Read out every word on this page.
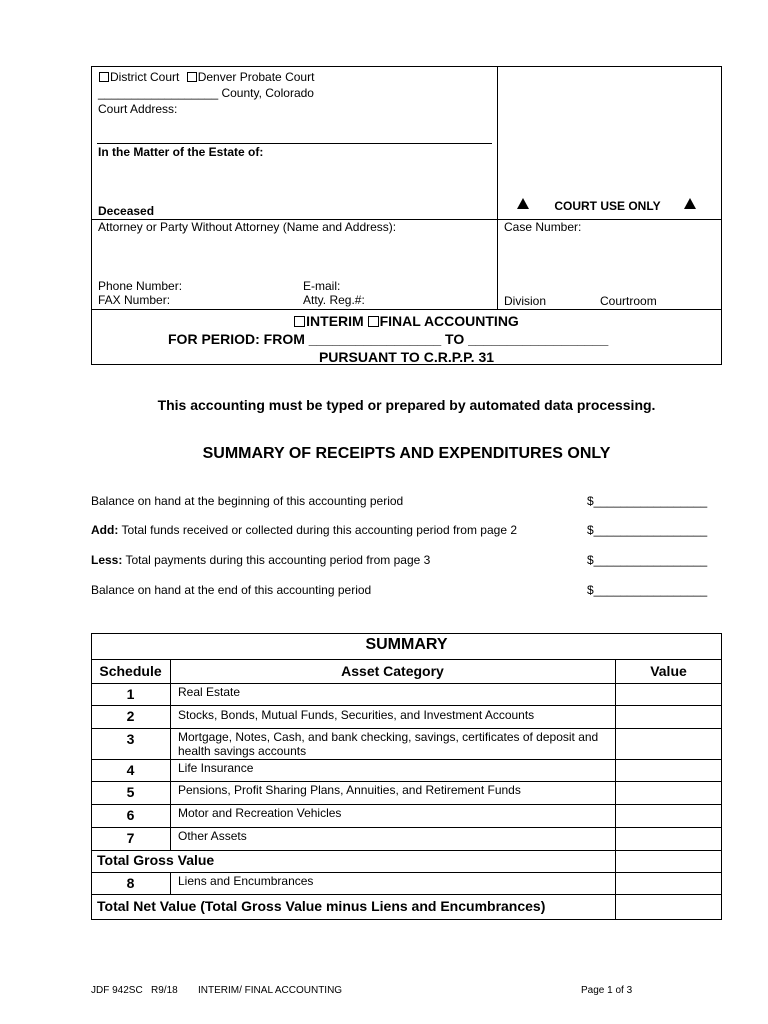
District Court Denver Probate Court
__________________ County, Colorado
Court Address:
In the Matter of the Estate of:
Deceased	COURT USE ONLY
Attorney or Party Without Attorney (Name and Address):
Phone Number:	E-mail:
FAX Number:	Atty. Reg.#:
Case Number:
Division	Courtroom
INTERIM FINAL ACCOUNTING
FOR PERIOD: FROM _________________ TO __________________
PURSUANT TO C.R.P.P. 31
This accounting must be typed or prepared by automated data processing.
SUMMARY OF RECEIPTS AND EXPENDITURES ONLY
Balance on hand at the beginning of this accounting period	$_________________
Add: Total funds received or collected during this accounting period from page 2	$_________________
Less: Total payments during this accounting period from page 3	$_________________
Balance on hand at the end of this accounting period	$_________________
SUMMARY
Schedule	Asset Category	Value
1	Real Estate
2	Stocks, Bonds, Mutual Funds, Securities, and Investment Accounts
3	Mortgage, Notes, Cash, and bank checking, savings, certificates of deposit and health savings accounts
4	Life Insurance
5	Pensions, Profit Sharing Plans, Annuities, and Retirement Funds
6	Motor and Recreation Vehicles
7	Other Assets
Total Gross Value
8	Liens and Encumbrances
Total Net Value (Total Gross Value minus Liens and Encumbrances)
JDF 942SC   R9/18 INTERIM/ FINAL ACCOUNTING	Page 1 of 3
